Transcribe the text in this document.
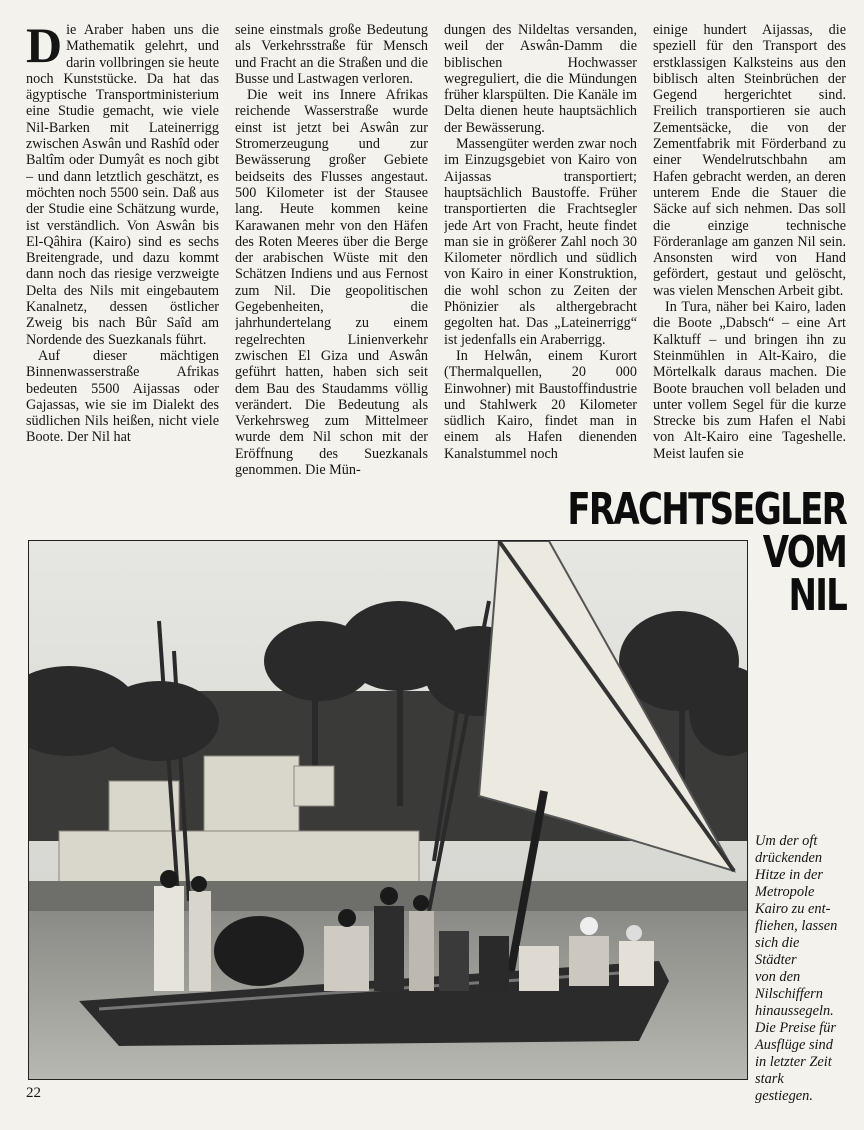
Die Araber haben uns die Mathematik gelehrt, und darin vollbringen sie heute noch Kunststücke. Da hat das ägyptische Transportministerium eine Studie gemacht, wie viele Nil-Barken mit Lateinerrigg zwischen Aswân und Rashîd oder Baltîm oder Dumyât es noch gibt – und dann letztlich geschätzt, es möchten noch 5500 sein. Daß aus der Studie eine Schätzung wurde, ist verständlich. Von Aswân bis El-Qâhira (Kairo) sind es sechs Breitengrade, und dazu kommt dann noch das riesige verzweigte Delta des Nils mit eingebautem Kanalnetz, dessen östlicher Zweig bis nach Bûr Saîd am Nordende des Suezkanals führt.

Auf dieser mächtigen Binnenwasserstraße Afrikas bedeuten 5500 Aijassas oder Gajassas, wie sie im Dialekt des südlichen Nils heißen, nicht viele Boote. Der Nil hat

seine einstmals große Bedeutung als Verkehrsstraße für Mensch und Fracht an die Straßen und die Busse und Lastwagen verloren.

Die weit ins Innere Afrikas reichende Wasserstraße wurde einst ist jetzt bei Aswân zur Stromerzeugung und zur Bewässerung großer Gebiete beidseits des Flusses angestaut. 500 Kilometer ist der Stausee lang. Heute kommen keine Karawanen mehr von den Häfen des Roten Meeres über die Berge der arabischen Wüste mit den Schätzen Indiens und aus Fernost zum Nil. Die geopolitischen Gegebenheiten, die jahrhundertelang zu einem regelrechten Linienverkehr zwischen El Giza und Aswân geführt hatten, haben sich seit dem Bau des Staudamms völlig verändert. Die Bedeutung als Verkehrsweg zum Mittelmeer wurde dem Nil schon mit der Eröffnung des Suezkanals genommen. Die Mün-

dungen des Nildeltas versanden, weil der Aswân-Damm die biblischen Hochwasser wegreguliert, die die Mündungen früher klarspülten. Die Kanäle im Delta dienen heute hauptsächlich der Bewässerung.

Massengüter werden zwar noch im Einzugsgebiet von Kairo von Aijassas transportiert; hauptsächlich Baustoffe. Früher transportierten die Frachtsegler jede Art von Fracht, heute findet man sie in größerer Zahl noch 30 Kilometer nördlich und südlich von Kairo in einer Konstruktion, die wohl schon zu Zeiten der Phönizier als althergebracht gegolten hat. Das „Lateinerrigg“ ist jedenfalls ein Araberrigg.

In Helwân, einem Kurort (Thermalquellen, 20 000 Einwohner) mit Baustoffindustrie und Stahlwerk 20 Kilometer südlich Kairo, findet man in einem als Hafen dienenden Kanalstummel noch

einige hundert Aijassas, die speziell für den Transport des erstklassigen Kalksteins aus den biblisch alten Steinbrüchen der Gegend hergerichtet sind. Freilich transportieren sie auch Zementsäcke, die von der Zementfabrik mit Förderband zu einer Wendelrutschbahn am Hafen gebracht werden, an deren unterem Ende die Stauer die Säcke auf sich nehmen. Das soll die einzige technische Förderanlage am ganzen Nil sein. Ansonsten wird von Hand gefördert, gestaut und gelöscht, was vielen Menschen Arbeit gibt.

In Tura, näher bei Kairo, laden die Boote „Dabsch“ – eine Art Kalktuff – und bringen ihn zu Steinmühlen in Alt-Kairo, die Mörtelkalk daraus machen. Die Boote brauchen voll beladen und unter vollem Segel für die kurze Strecke bis zum Hafen el Nabi von Alt-Kairo eine Tageshelle. Meist laufen sie

FRACHTSEGLER
VOM
NIL
Um der oft
drückenden
Hitze in der
Metropole
Kairo zu ent-
fliehen, lassen
sich die
Städter
von den
Nilschiffern
hinaussegeln.
Die Preise für
Ausflüge sind
in letzter Zeit
stark
gestiegen.
22
